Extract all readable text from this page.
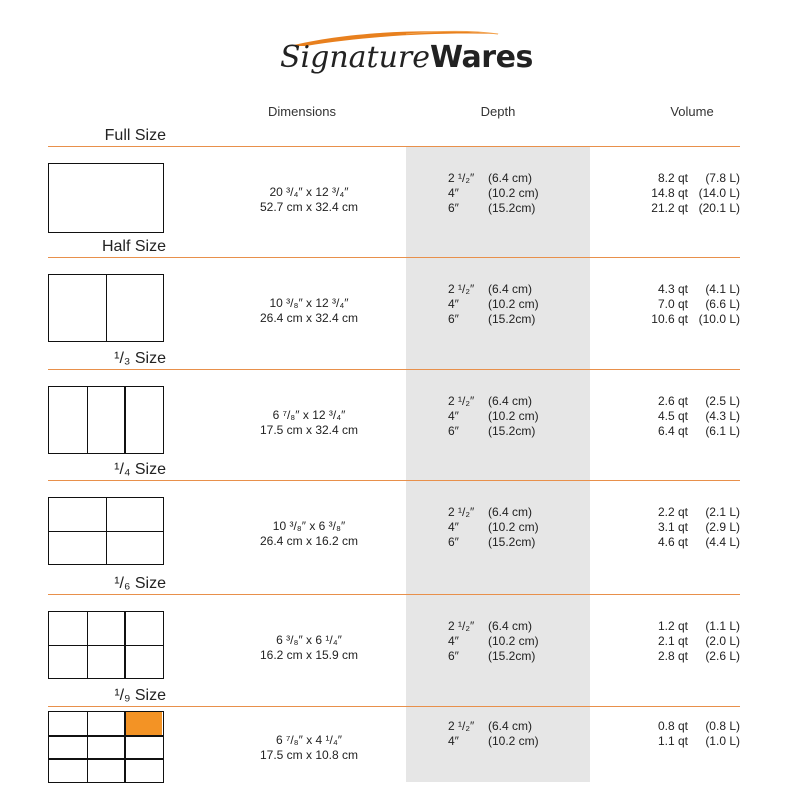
SignatureWares
Dimensions	Depth	Volume
Full Size
20 ³/₄″ x 12 ³/₄″
52.7 cm x 32.4 cm
2 ¹/₂″ (6.4 cm)
4″ (10.2 cm)
6″ (15.2cm)
8.2 qt (7.8 L)
14.8 qt (14.0 L)
21.2 qt (20.1 L)
Half Size
10 ³/₈″ x 12 ³/₄″
26.4 cm x 32.4 cm
2 ¹/₂″ (6.4 cm)
4″ (10.2 cm)
6″ (15.2cm)
4.3 qt (4.1 L)
7.0 qt (6.6 L)
10.6 qt (10.0 L)
¹/₃ Size
6 ⁷/₈″ x 12 ³/₄″
17.5 cm x 32.4 cm
2 ¹/₂″ (6.4 cm)
4″ (10.2 cm)
6″ (15.2cm)
2.6 qt (2.5 L)
4.5 qt (4.3 L)
6.4 qt (6.1 L)
¹/₄ Size
10 ³/₈″ x 6 ³/₈″
26.4 cm x 16.2 cm
2 ¹/₂″ (6.4 cm)
4″ (10.2 cm)
6″ (15.2cm)
2.2 qt (2.1 L)
3.1 qt (2.9 L)
4.6 qt (4.4 L)
¹/₆ Size
6 ³/₈″ x 6 ¹/₄″
16.2 cm x 15.9 cm
2 ¹/₂″ (6.4 cm)
4″ (10.2 cm)
6″ (15.2cm)
1.2 qt (1.1 L)
2.1 qt (2.0 L)
2.8 qt (2.6 L)
¹/₉ Size
6 ⁷/₈″ x 4 ¹/₄″
17.5 cm x 10.8 cm
2 ¹/₂″ (6.4 cm)
4″ (10.2 cm)
0.8 qt (0.8 L)
1.1 qt (1.0 L)
